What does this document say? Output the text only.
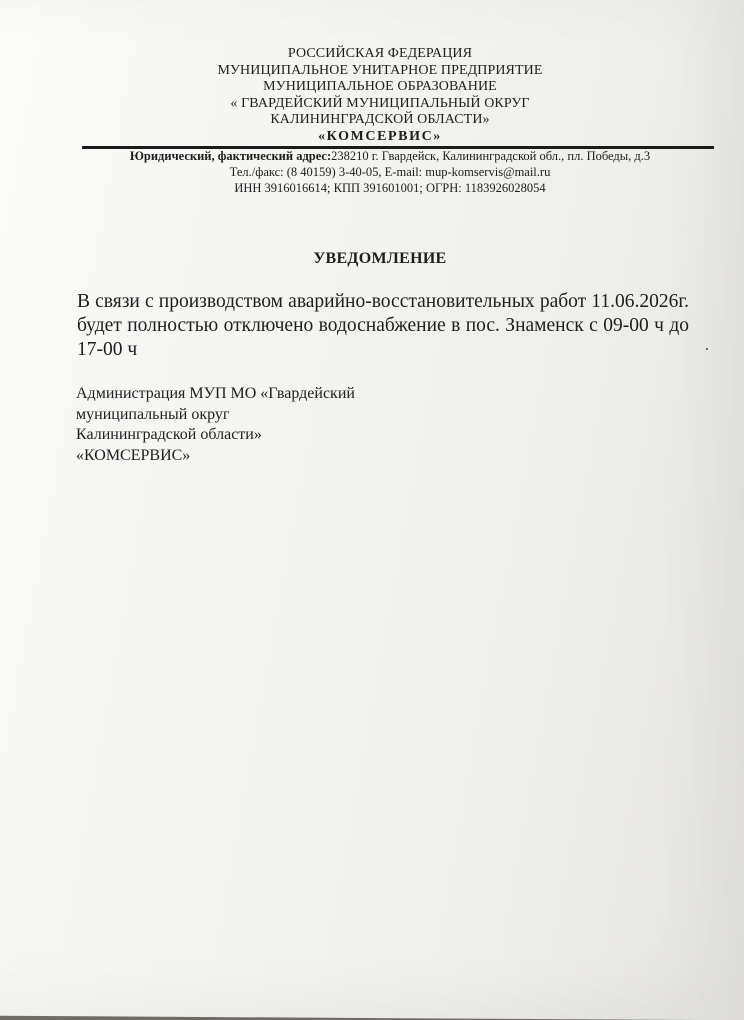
РОССИЙСКАЯ ФЕДЕРАЦИЯ
МУНИЦИПАЛЬНОЕ УНИТАРНОЕ ПРЕДПРИЯТИЕ
МУНИЦИПАЛЬНОЕ ОБРАЗОВАНИЕ
« ГВАРДЕЙСКИЙ МУНИЦИПАЛЬНЫЙ ОКРУГ
КАЛИНИНГРАДСКОЙ ОБЛАСТИ»
«КОМСЕРВИС»
Юридический, фактический адрес:238210 г. Гвардейск, Калининградской обл., пл. Победы, д.3
Тел./факс: (8 40159) 3-40-05, E-mail: mup-komservis@mail.ru
ИНН 3916016614; КПП 391601001; ОГРН: 1183926028054
УВЕДОМЛЕНИЕ
В связи с производством аварийно-восстановительных работ 11.06.2026г. будет полностью отключено водоснабжение в пос. Знаменск с 09-00 ч до 17-00 ч
Администрация МУП МО «Гвардейский
муниципальный округ
Калининградской области»
«КОМСЕРВИС»
